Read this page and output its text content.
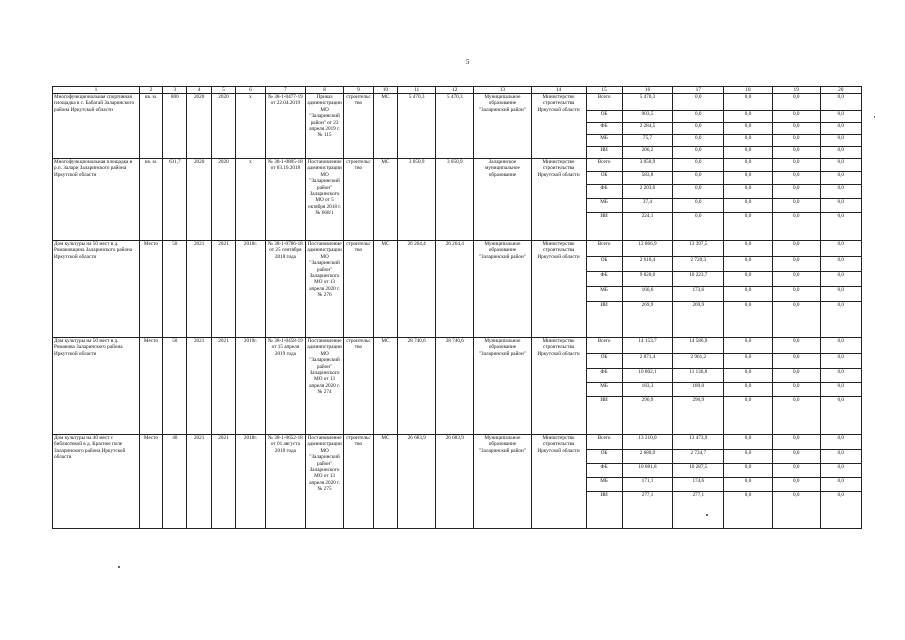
5
1	2	3	4	5	6	7	8	9	10	11	12	13	14	15	16	17	18	19	20
Многофункциональная спортивная площадка в с. Бабагай Заларинского района Иркутской области	кв. м.	800	2020	2020	x	№ 38-1-0477-19 от 22.04.2019	Приказ администрации МО "Заларинский район" от 23 апреля 2019 г. № 115	строительство	МС	5 470,3	5 470,3	Муниципальное образование "Заларинский район"	Министерство строительства Иркутской области	Всего	5 470,3	0,0	0,0	0,0	0,0
														ОБ	903,5	0,0	0,0	0,0	0,0
														ФБ	2 284,5	0,0	0,0	0,0	0,0
														МБ	75,7	0,0	0,0	0,0	0,0
														ИИ	206,2	0,0	0,0	0,0	0,0
Многофункциональная площадка в р.п. Залари Заларинского района Иркутской области	кв. м.	631,7	2020	2020	x	№ 38-1-0805-18 от 03.10.2018	Постановление администрации МО "Заларинский район" Заларинского МО от 5 октября 2018 г. № 668/1	строительство	МС	3 050,9	3 050,9	Заларинское муниципальное образование	Министерство строительства Иркутской области	Всего	3 050,9	0,0	0,0	0,0	0,0
														ОБ	583,8	0,0	0,0	0,0	0,0
														ФБ	2 203,6	0,0	0,0	0,0	0,0
														МБ	37,4	0,0	0,0	0,0	0,0
														ИИ	224,1	0,0	0,0	0,0	0,0
Дом культуры на 50 мест в д. Романовщина Заларинского района Иркутской области	Место	50	2021	2021	2018г.	№ 38-1-0786-18 от 25 сентября 2018 года	Постановление администрации МО "Заларинский район" Заларинского МО от 13 апреля 2020 г. № 276	строительство	МС	26 264,4	26 264,4	Муниципальное образование "Заларинский район"	Министерство строительства Иркутской области	Всего	12 866,9	13 397,5	0,0	0,0	0,0
														ОБ	2 610,4	2 720,3	0,0	0,0	0,0
														ФБ	9 820,0	10 223,7	0,0	0,0	0,0
														МБ	166,6	173,6	0,0	0,0	0,0
														ИИ	269,9	269,9	0,0	0,0	0,0
Дом культуры на 50 мест в д. Романова Заларинского района Иркутской области	Место	50	2021	2021	2019г.	№ 38-1-0458-19 от 15 апреля 2019 года	Постановление администрации МО "Заларинский район" Заларинского МО от 13 апреля 2020 г. № 274	строительство	МС	28 740,6	28 740,6	Муниципальное образование "Заларинский район"	Министерство строительства Иркутской области	Всего	14 153,7	14 586,9	0,0	0,0	0,0
														ОБ	2 871,4	2 961,2	0,0	0,0	0,0
														ФБ	10 802,1	11 136,8	0,0	0,0	0,0
														МБ	183,3	189,0	0,0	0,0	0,0
														ИИ	296,9	296,9	0,0	0,0	0,0
Дом культуры на 40 мест с библиотекой в д. Красное поле Заларинского района Иркутской области	Место	40	2021	2021	2018г.	№ 38-1-0652-18 от 01 августа 2018 года	Постановление администрации МО "Заларинский район" Заларинского МО от 13 апреля 2020 г. № 275	строительство	МС	26 683,9	26 683,9	Муниципальное образование "Заларинский район"	Министерство строительства Иркутской области	Всего	13 210,0	13 473,9	0,0	0,0	0,0
														ОБ	2 680,0	2 734,7	0,0	0,0	0,0
														ФБ	10 081,8	10 287,5	0,0	0,0	0,0
														МБ	171,1	174,6	0,0	0,0	0,0
														ИИ	277,1	277,1	0,0	0,0	0,0
